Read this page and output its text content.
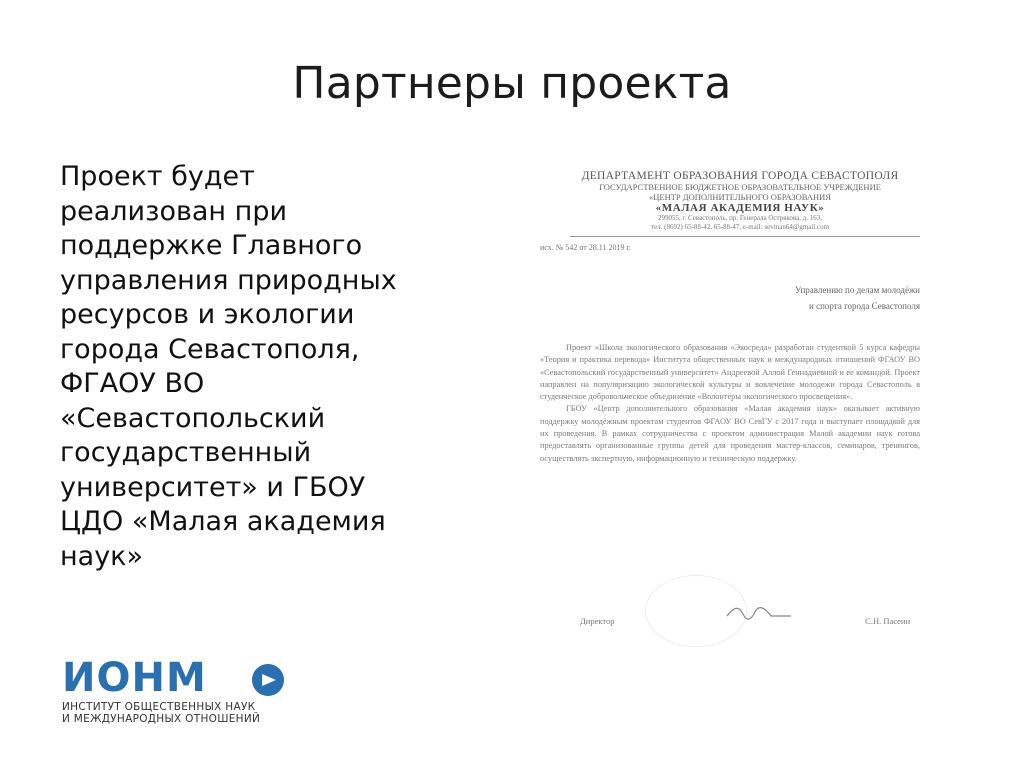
Партнеры проекта
Проект будет
реализован при
поддержке Главного
управления природных
ресурсов и экологии
города Севастополя,
ФГАОУ ВО
«Севастопольский
государственный
университет» и ГБОУ
ЦДО «Малая академия
наук»
ДЕПАРТАМЕНТ ОБРАЗОВАНИЯ ГОРОДА СЕВАСТОПОЛЯ
ГОСУДАРСТВЕННОЕ БЮДЖЕТНОЕ ОБРАЗОВАТЕЛЬНОЕ УЧРЕЖДЕНИЕ
«ЦЕНТР ДОПОЛНИТЕЛЬНОГО ОБРАЗОВАНИЯ
«МАЛАЯ АКАДЕМИЯ НАУК»
299055, г. Севастополь, пр. Генерала Острякова, д. 163,
тел. (8692) 65-88-42, 65-88-47, e-mail: sevman64@gmail.com
исх. № 542 от 28.11 2019 г.
Управлению по делам молодёжи
и спорта города Севастополя

Проект «Школа экологического образования «Экосреда» разработан студенткой 5 курса кафедры «Теория и практика перевода» Института общественных наук и международных отношений ФГАОУ ВО «Севастопольский государственный университет» Андреевой Аллой Геннадиевной и ее командой. Проект направлен на популяризацию экологической культуры и вовлечение молодежи города Севастополь в студенческое добровольческое объединение «Волонтёры экологического просвещения».

ГБОУ «Центр дополнительного образования «Малая академия наук» оказывает активную поддержку молодёжным проектам студентов ФГАОУ ВО СевГУ с 2017 года и выступает площадкой для их проведения. В рамках сотрудничества с проектом администрация Малой академии наук готова предоставлять организованные группы детей для проведения мастер-классов, семинаров, тренингов, осуществлять экспертную, информационную и техническую поддержку.

Директор	С.Н. Пасеин
ИОНМ
ИНСТИТУТ ОБЩЕСТВЕННЫХ НАУК
И МЕЖДУНАРОДНЫХ ОТНОШЕНИЙ
